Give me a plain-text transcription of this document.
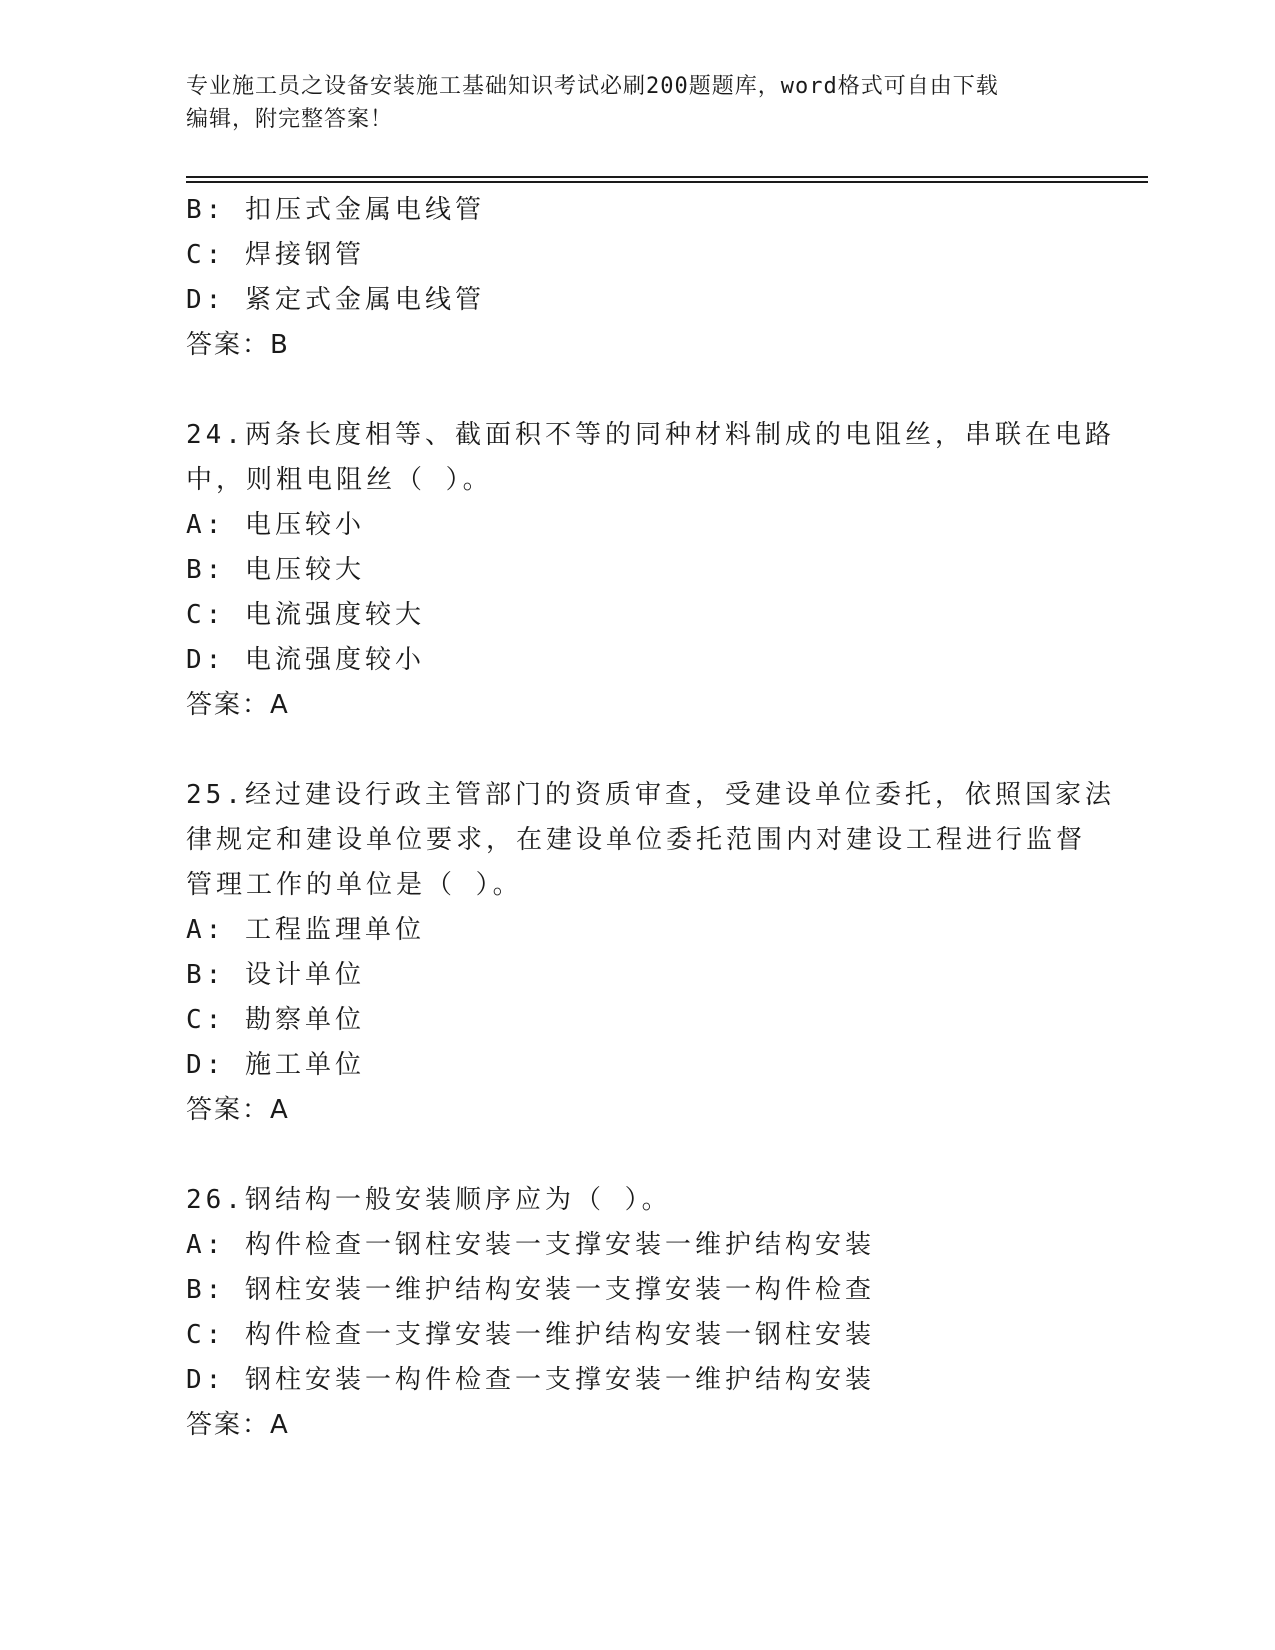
专业施工员之设备安装施工基础知识考试必刷200题题库，word格式可自由下载
编辑，附完整答案！

B: 扣压式金属电线管

C: 焊接钢管

D: 紧定式金属电线管

答案：B

24.两条长度相等、截面积不等的同种材料制成的电阻丝，串联在电路

中，则粗电阻丝（ ）。

A: 电压较小

B: 电压较大

C: 电流强度较大

D: 电流强度较小

答案：A

25.经过建设行政主管部门的资质审查，受建设单位委托，依照国家法

律规定和建设单位要求，在建设单位委托范围内对建设工程进行监督

管理工作的单位是（ ）。

A: 工程监理单位

B: 设计单位

C: 勘察单位

D: 施工单位

答案：A

26.钢结构一般安装顺序应为（ ）。

A: 构件检查一钢柱安装一支撑安装一维护结构安装

B: 钢柱安装一维护结构安装一支撑安装一构件检查

C: 构件检查一支撑安装一维护结构安装一钢柱安装

D: 钢柱安装一构件检查一支撑安装一维护结构安装

答案：A
